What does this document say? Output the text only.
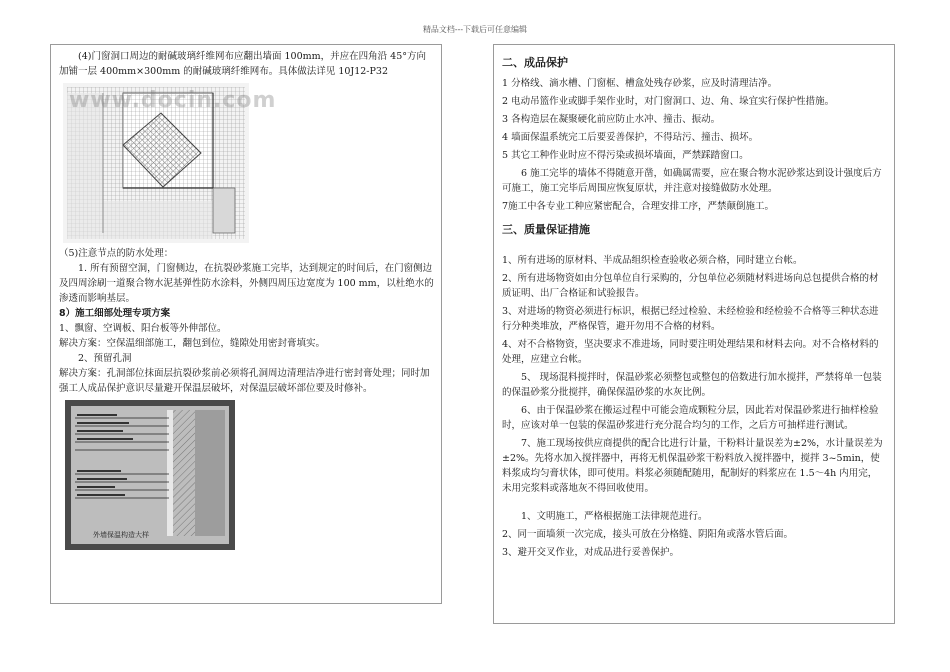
精品文档---下载后可任意编辑

(4)门窗洞口周边的耐碱玻璃纤维网布应翻出墙面 100mm，并应在四角沿 45°方向加铺一层 400mm×300mm 的耐碱玻璃纤维网布。具体做法详见 10J12-P32

www.docin.com

（5)注意节点的防水处理：

1. 所有预留空洞，门窗侧边，在抗裂砂浆施工完毕，达到规定的时间后，在门窗侧边及四周涂刷一道聚合物水泥基弹性防水涂料，外侧四周压边宽度为 100 mm，以杜绝水的渗透而影响基层。

8）施工细部处理专项方案

1、飘窗、空调板、阳台板等外伸部位。

解决方案：空保温细部施工，翻包到位，缝隙处用密封膏填实。

2、预留孔洞

解决方案：孔洞部位抹面层抗裂砂浆前必须将孔洞周边清理洁净进行密封膏处理；同时加强工人成品保护意识尽量避开保温层破坏，对保温层破坏部位要及时修补。

外墙保温构造大样
二、成品保护

1 分格线、滴水槽、门窗框、槽盒处残存砂浆，应及时清理洁净。

2 电动吊篮作业或脚手架作业时，对门窗洞口、边、角、垛宜实行保护性措施。

3 各构造层在凝聚硬化前应防止水冲、撞击、振动。

4 墙面保温系统完工后要妥善保护，不得玷污、撞击、损坏。

5 其它工种作业时应不得污染或损坏墙面，严禁踩踏窗口。

6 施工完毕的墙体不得随意开凿，如确属需要，应在聚合物水泥砂浆达到设计强度后方可施工，施工完毕后周围应恢复原状，并注意对接缝做防水处理。

7施工中各专业工种应紧密配合，合理安排工序，严禁颠倒施工。

三、质量保证措施

1、所有进场的原材料、半成品组织检查验收必须合格，同时建立台帐。

2、所有进场物资如由分包单位自行采购的，分包单位必须随材料进场向总包提供合格的材质证明、出厂合格证和试验报告。

3、对进场的物资必须进行标识，根据已经过检验、未经检验和经检验不合格等三种状态进行分种类堆放，严格保管，避开勿用不合格的材料。

4、对不合格物资，坚决要求不准进场，同时要注明处理结果和材料去向。对不合格材料的处理，应建立台帐。

5、 现场混料搅拌时，保温砂浆必须整包或整包的倍数进行加水搅拌，严禁将单一包装的保温砂浆分批搅拌，确保保温砂浆的水灰比例。

6、由于保温砂浆在搬运过程中可能会造成颗粒分层，因此若对保温砂浆进行抽样检验时，应该对单一包装的保温砂浆进行充分混合均匀的工作，之后方可抽样进行测试。

7、施工现场按供应商提供的配合比进行计量，干粉料计量误差为±2%，水计量误差为±2%。先将水加入搅拌器中，再将无机保温砂浆干粉料放入搅拌器中，搅拌 3~5min，使料浆成均匀膏状体，即可使用。料浆必须随配随用，配制好的料浆应在 1.5～4h 内用完，未用完浆料或落地灰不得回收使用。

1、文明施工，严格根据施工法律规范进行。

2、同一面墙须一次完成，接头可放在分格缝、阴阳角或落水管后面。

3、避开交叉作业，对成品进行妥善保护。
